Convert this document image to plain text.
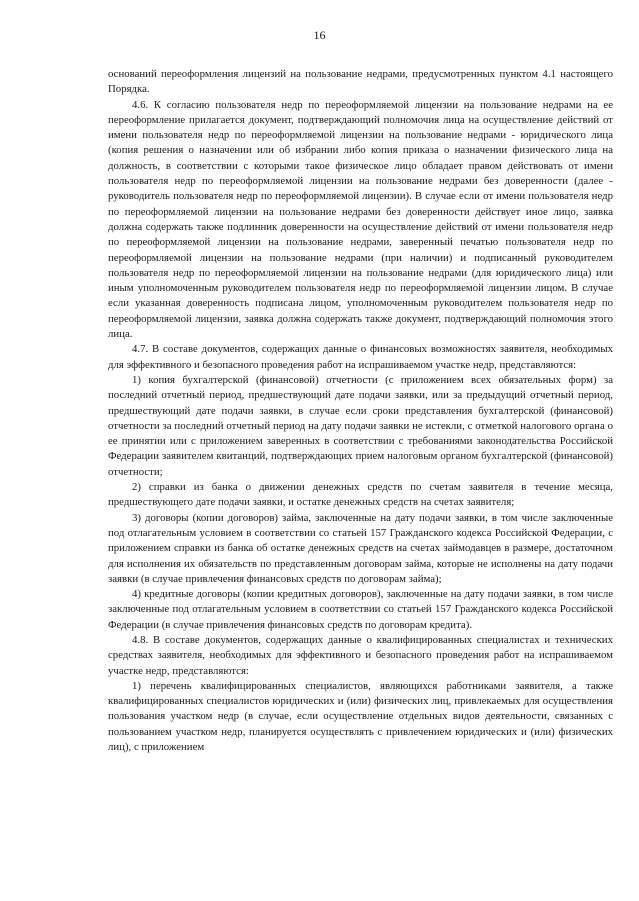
16

оснований переоформления лицензий на пользование недрами, предусмотренных пунктом 4.1 настоящего Порядка.

4.6. К согласию пользователя недр по переоформляемой лицензии на пользование недрами на ее переоформление прилагается документ, подтверждающий полномочия лица на осуществление действий от имени пользователя недр по переоформляемой лицензии на пользование недрами - юридического лица (копия решения о назначении или об избрании либо копия приказа о назначении физического лица на должность, в соответствии с которыми такое физическое лицо обладает правом действовать от имени пользователя недр по переоформляемой лицензии на пользование недрами без доверенности (далее - руководитель пользователя недр по переоформляемой лицензии). В случае если от имени пользователя недр по переоформляемой лицензии на пользование недрами без доверенности действует иное лицо, заявка должна содержать также подлинник доверенности на осуществление действий от имени пользователя недр по переоформляемой лицензии на пользование недрами, заверенный печатью пользователя недр по переоформляемой лицензии на пользование недрами (при наличии) и подписанный руководителем пользователя недр по переоформляемой лицензии на пользование недрами (для юридического лица) или иным уполномоченным руководителем пользователя недр по переоформляемой лицензии лицом. В случае если указанная доверенность подписана лицом, уполномоченным руководителем пользователя недр по переоформляемой лицензии, заявка должна содержать также документ, подтверждающий полномочия этого лица.

4.7. В составе документов, содержащих данные о финансовых возможностях заявителя, необходимых для эффективного и безопасного проведения работ на испрашиваемом участке недр, представляются:

1) копия бухгалтерской (финансовой) отчетности (с приложением всех обязательных форм) за последний отчетный период, предшествующий дате подачи заявки, или за предыдущий отчетный период, предшествующий дате подачи заявки, в случае если сроки представления бухгалтерской (финансовой) отчетности за последний отчетный период на дату подачи заявки не истекли, с отметкой налогового органа о ее принятии или с приложением заверенных в соответствии с требованиями законодательства Российской Федерации заявителем квитанций, подтверждающих прием налоговым органом бухгалтерской (финансовой) отчетности;

2) справки из банка о движении денежных средств по счетам заявителя в течение месяца, предшествующего дате подачи заявки, и остатке денежных средств на счетах заявителя;

3) договоры (копии договоров) займа, заключенные на дату подачи заявки, в том числе заключенные под отлагательным условием в соответствии со статьей 157 Гражданского кодекса Российской Федерации, с приложением справки из банка об остатке денежных средств на счетах займодавцев в размере, достаточном для исполнения их обязательств по представленным договорам займа, которые не исполнены на дату подачи заявки (в случае привлечения финансовых средств по договорам займа);

4) кредитные договоры (копии кредитных договоров), заключенные на дату подачи заявки, в том числе заключенные под отлагательным условием в соответствии со статьей 157 Гражданского кодекса Российской Федерации (в случае привлечения финансовых средств по договорам кредита).

4.8. В составе документов, содержащих данные о квалифицированных специалистах и технических средствах заявителя, необходимых для эффективного и безопасного проведения работ на испрашиваемом участке недр, представляются:

1) перечень квалифицированных специалистов, являющихся работниками заявителя, а также квалифицированных специалистов юридических и (или) физических лиц, привлекаемых для осуществления пользования участком недр (в случае, если осуществление отдельных видов деятельности, связанных с пользованием участком недр, планируется осуществлять с привлечением юридических и (или) физических лиц), с приложением
